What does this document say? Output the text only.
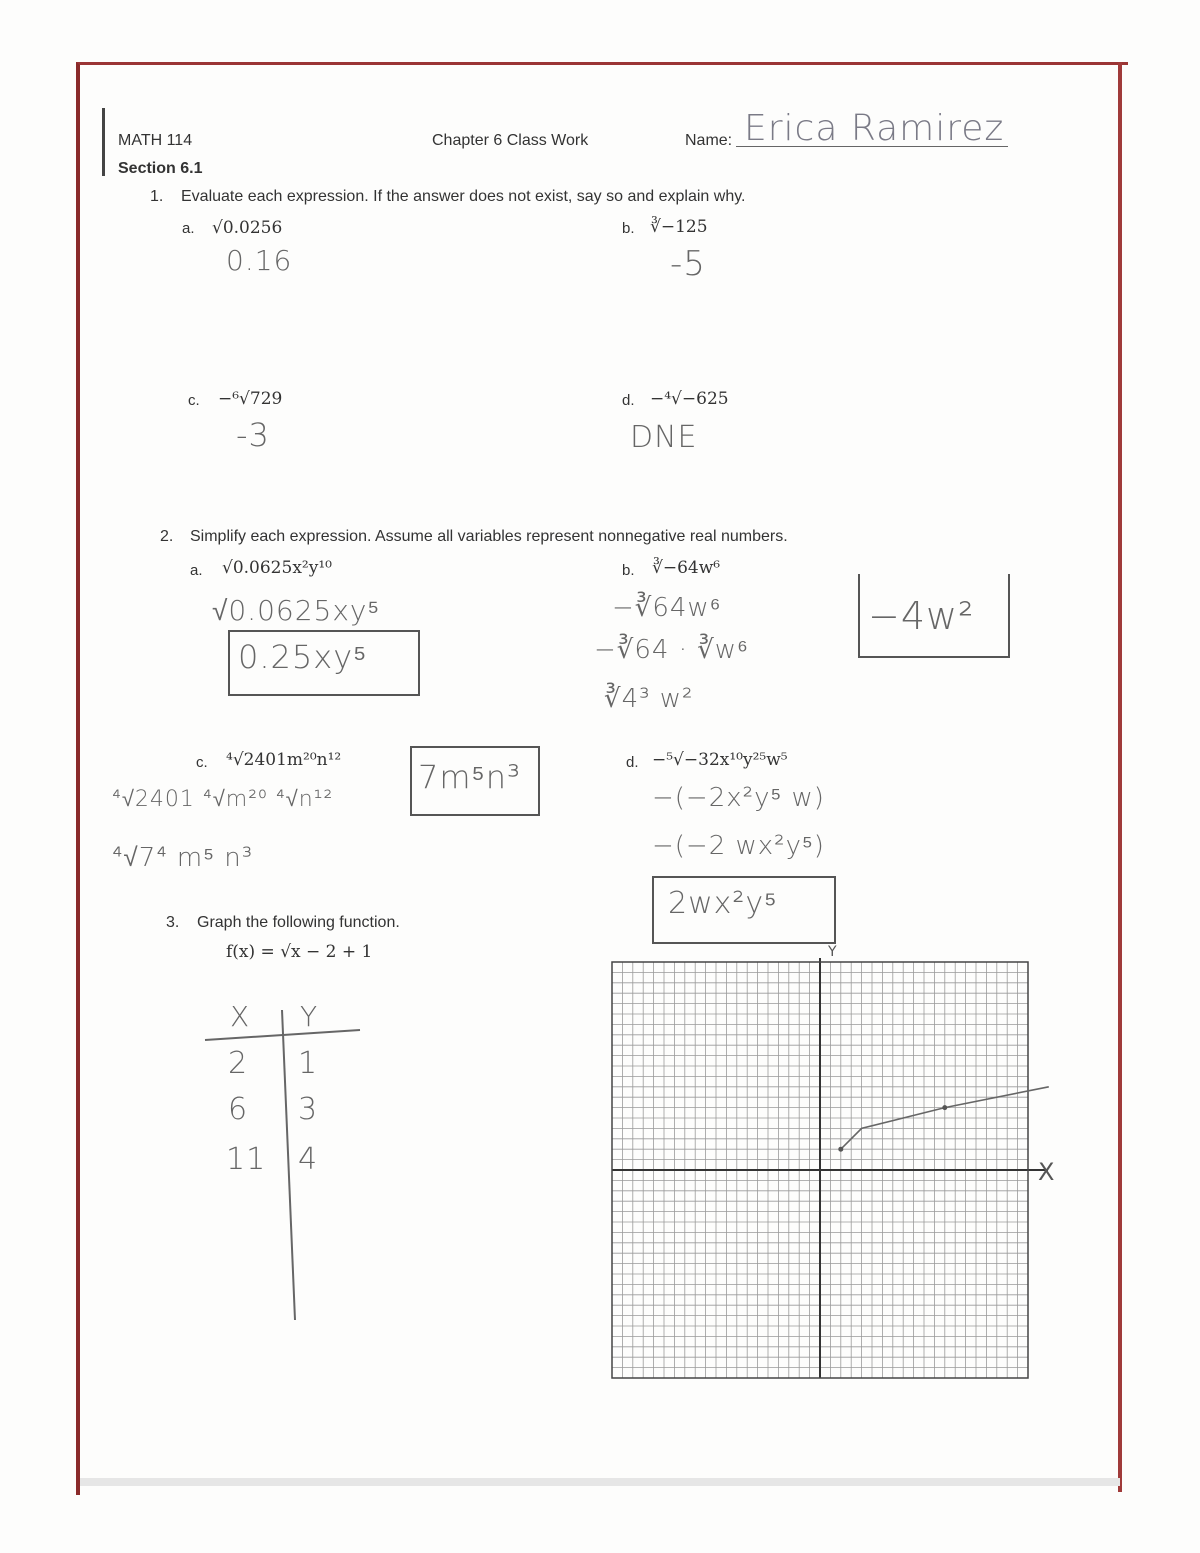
MATH 114	Chapter 6 Class Work	Name: Erica Ramirez
Section 6.1
1. Evaluate each expression. If the answer does not exist, say so and explain why.
a. √0.0256
0.16
b. ∛−125
-5
c. −⁶√729
-3
d. −⁴√−625
DNE
2. Simplify each expression. Assume all variables represent nonnegative real numbers.
a. √0.0625x²y¹⁰
√0.0625xy⁵
0.25xy⁵
b. ∛−64w⁶
−∛64w⁶
−∛64 · ∛w⁶
∛4³ w²
−4w²
c. ⁴√2401m²⁰n¹²
⁴√2401 ⁴√m²⁰ ⁴√n¹²
⁴√7⁴ m⁵ n³
7m⁵n³	d. −⁵√−32x¹⁰y²⁵w⁵
−(−2x²y⁵ w)
−(−2 wx²y⁵)
2wx²y⁵
3. Graph the following function.
f(x) = √x − 2 + 1
X Y
2 1
6 3
11 4	X
Y
